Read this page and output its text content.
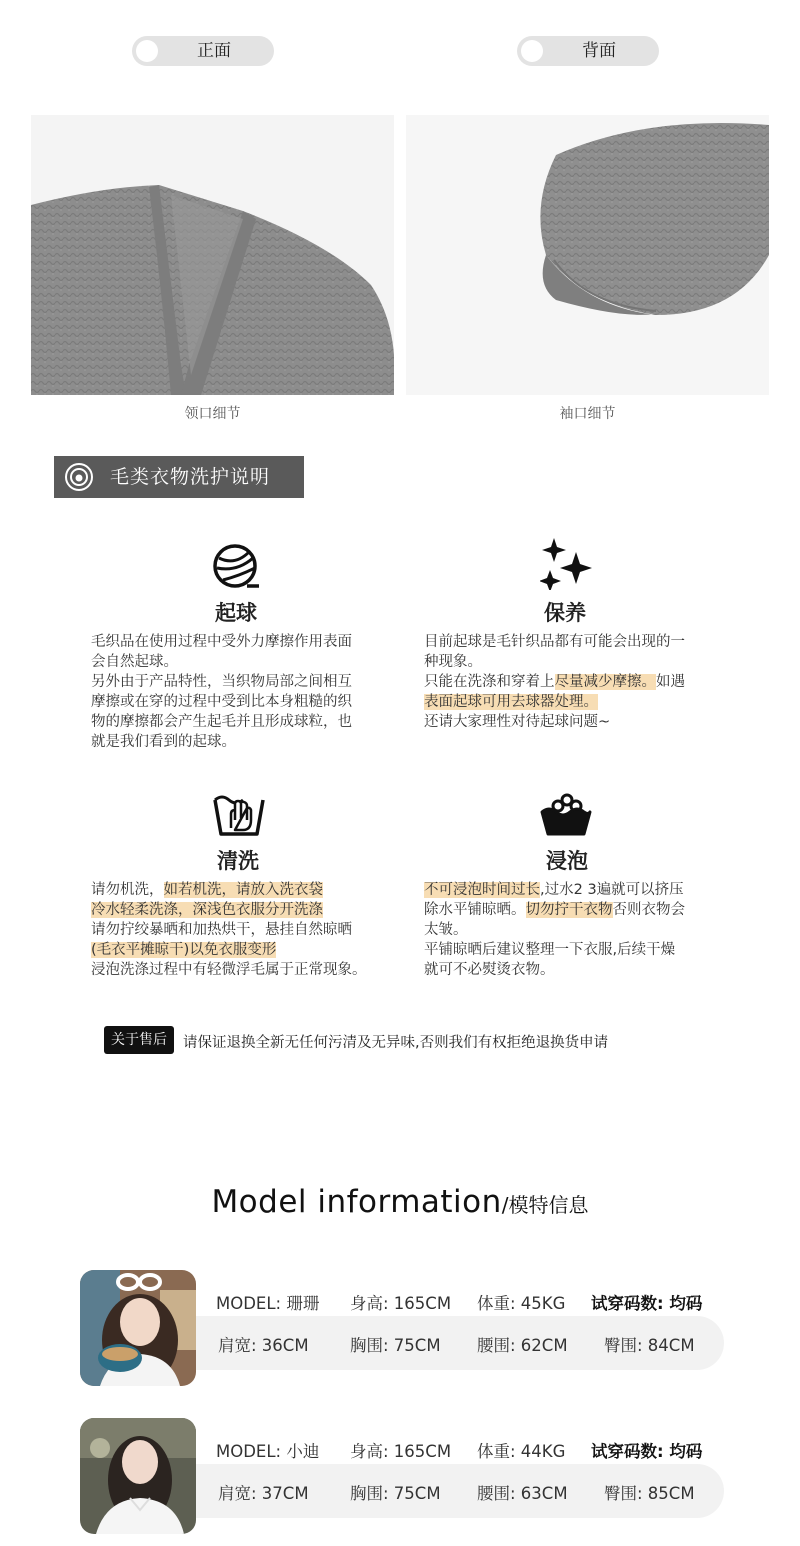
正面	背面
领口细节	袖口细节
毛类衣物洗护说明
起球
毛织品在使用过程中受外力摩擦作用表面
会自然起球。
另外由于产品特性，当织物局部之间相互
摩擦或在穿的过程中受到比本身粗糙的织
物的摩擦都会产生起毛并且形成球粒，也
就是我们看到的起球。
保养
目前起球是毛针织品都有可能会出现的一
种现象。
只能在洗涤和穿着上尽量减少摩擦。如遇
表面起球可用去球器处理。
还请大家理性对待起球问题~
清洗
请勿机洗，如若机洗，请放入洗衣袋
冷水轻柔洗涤，深浅色衣服分开洗涤
请勿拧绞暴晒和加热烘干，悬挂自然晾晒
(毛衣平摊晾干)以免衣服变形
浸泡洗涤过程中有轻微浮毛属于正常现象。
浸泡
不可浸泡时间过长,过水2 3遍就可以挤压
除水平铺晾晒。切勿拧干衣物否则衣物会
太皱。
平铺晾晒后建议整理一下衣服,后续干燥
就可不必熨烫衣物。
关于售后	请保证退换全新无任何污清及无异味,否则我们有权拒绝退换货申请
Model information/模特信息
MODEL: 珊珊 身高: 165CM 体重: 45KG 试穿码数: 均码
肩宽: 36CM	胸围: 75CM 腰围: 62CM 臀围: 84CM
MODEL: 小迪 身高: 165CM 体重: 44KG 试穿码数: 均码
肩宽: 37CM	胸围: 75CM 腰围: 63CM 臀围: 85CM
